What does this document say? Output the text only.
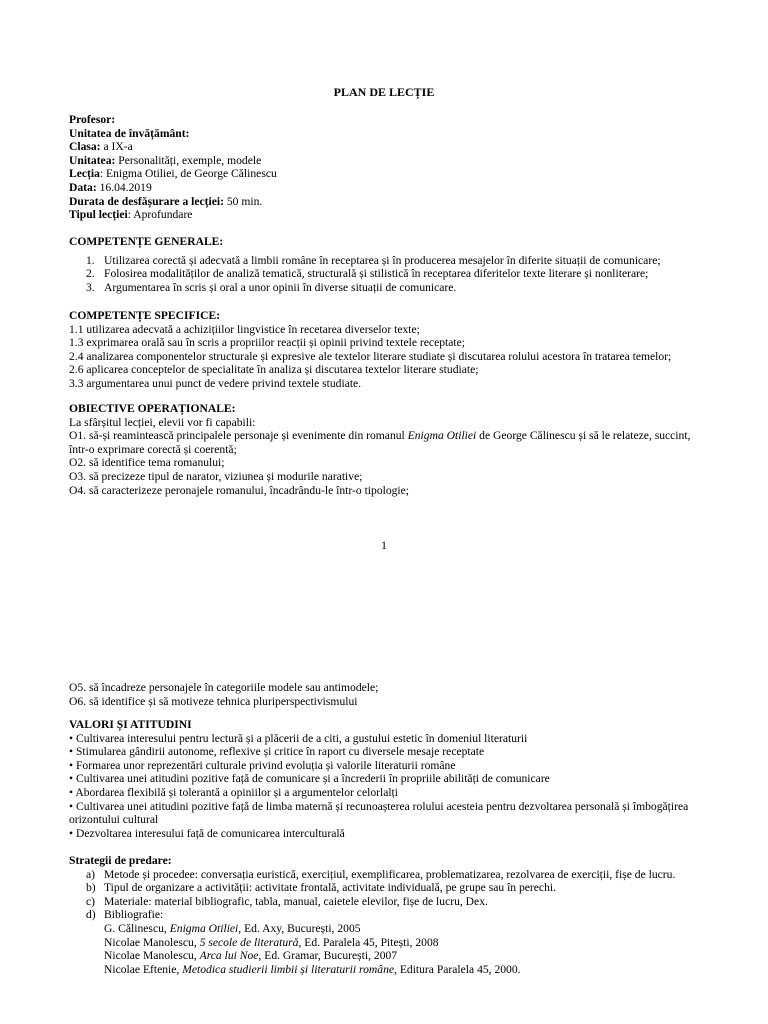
PLAN DE LECȚIE
Profesor:
Unitatea de învățământ:
Clasa: a IX-a
Unitatea: Personalități, exemple, modele
Lecția: Enigma Otiliei, de George Călinescu
Data: 16.04.2019
Durata de desfășurare a lecției: 50 min.
Tipul lecției: Aprofundare
COMPETENȚE GENERALE:
1. Utilizarea corectă și adecvată a limbii române în receptarea și în producerea mesajelor în diferite situații de comunicare;
2. Folosirea modalităților de analiză tematică, structurală și stilistică în receptarea diferitelor texte literare și nonliterare;
3. Argumentarea în scris și oral a unor opinii în diverse situații de comunicare.
COMPETENȚE SPECIFICE:
1.1 utilizarea adecvată a achizițiilor lingvistice în recetarea diverselor texte;
1.3 exprimarea orală sau în scris a propriilor reacții și opinii privind textele receptate;
2.4 analizarea componentelor structurale și expresive ale textelor literare studiate și discutarea rolului acestora în tratarea temelor;
2.6 aplicarea conceptelor de specialitate în analiza și discutarea textelor literare studiate;
3.3 argumentarea unui punct de vedere privind textele studiate.
OBIECTIVE OPERAȚIONALE:
La sfârșitul lecției, elevii vor fi capabili:
O1. să-și reamintească principalele personaje și evenimente din romanul Enigma Otiliei de George Călinescu și să le relateze, succint, într-o exprimare corectă și coerentă;
O2. să identifice tema romanului;
O3. să precizeze tipul de narator, viziunea și modurile narative;
O4. să caracterizeze peronajele romanului, încadrându-le într-o tipologie;
1
O5. să încadreze personajele în categoriile modele sau antimodele;
O6. să identifice și să motiveze tehnica pluriperspectivismului
VALORI ȘI ATITUDINI
• Cultivarea interesului pentru lectură și a plăcerii de a citi, a gustului estetic în domeniul literaturii
• Stimularea gândirii autonome, reflexive și critice în raport cu diversele mesaje receptate
• Formarea unor reprezentări culturale privind evoluția și valorile literaturii române
• Cultivarea unei atitudini pozitive față de comunicare și a încrederii în propriile abilități de comunicare
• Abordarea flexibilă și tolerantă a opiniilor și a argumentelor celorlalți
• Cultivarea unei atitudini pozitive față de limba maternă și recunoașterea rolului acesteia pentru dezvoltarea personală și îmbogățirea orizontului cultural
• Dezvoltarea interesului față de comunicarea interculturală
Strategii de predare:
a) Metode și procedee: conversația euristică, exercițiul, exemplificarea, problematizarea, rezolvarea de exerciții, fișe de lucru.
b) Tipul de organizare a activității: activitate frontală, activitate individuală, pe grupe sau în perechi.
c) Materiale: material bibliografic, tabla, manual, caietele elevilor, fișe de lucru, Dex.
d) Bibliografie:
G. Călinescu, Enigma Otiliei, Ed. Axy, București, 2005
Nicolae Manolescu, 5 secole de literatură, Ed. Paralela 45, Pitești, 2008
Nicolae Manolescu, Arca lui Noe, Ed. Gramar, București, 2007
Nicolae Eftenie, Metodica studierii limbii și literaturii române, Editura Paralela 45, 2000.
